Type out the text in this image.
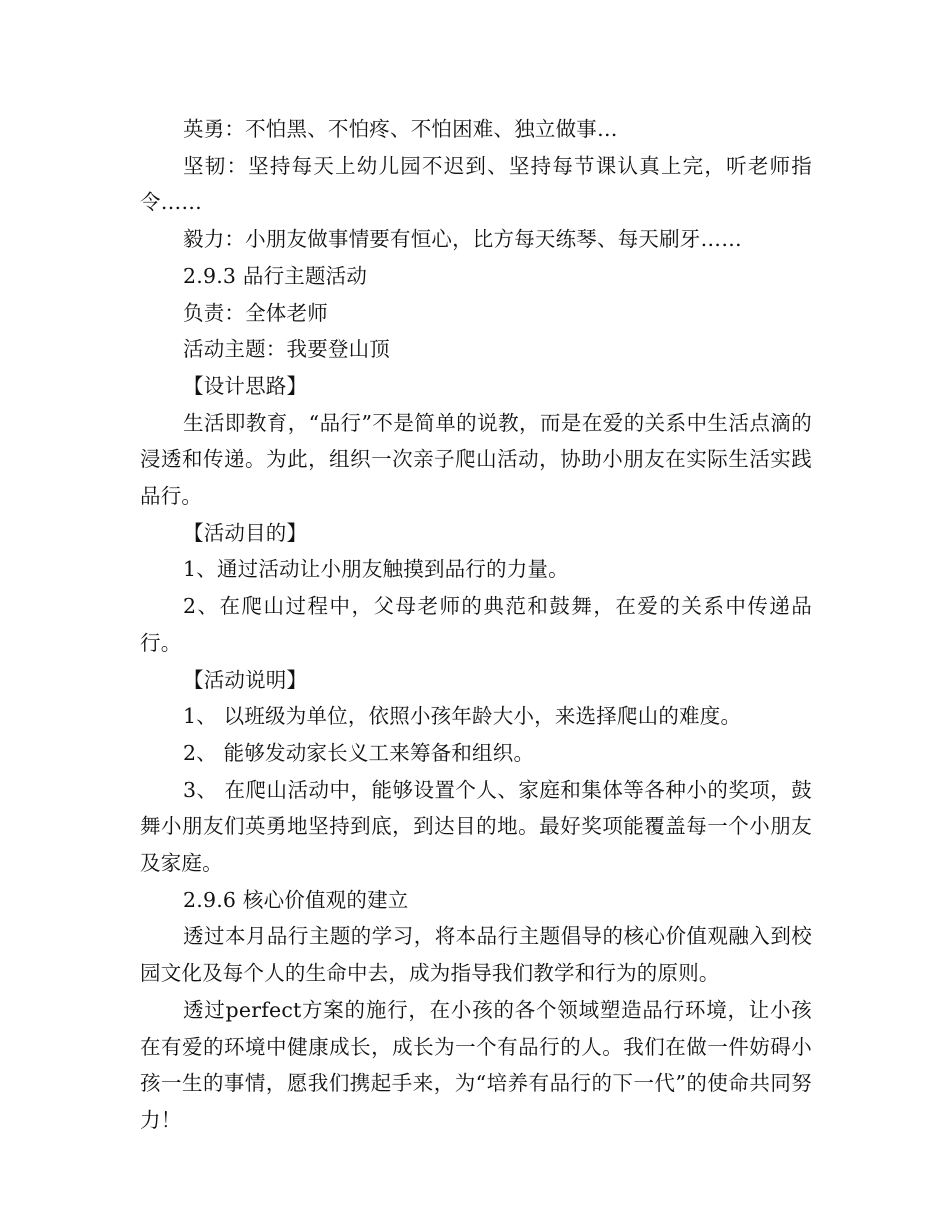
英勇：不怕黑、不怕疼、不怕困难、独立做事…

坚韧：坚持每天上幼儿园不迟到、坚持每节课认真上完，听老师指令……

毅力：小朋友做事情要有恒心，比方每天练琴、每天刷牙……

2.9.3 品行主题活动

负责：全体老师

活动主题：我要登山顶

【设计思路】

生活即教育，“品行”不是简单的说教，而是在爱的关系中生活点滴的浸透和传递。为此，组织一次亲子爬山活动，协助小朋友在实际生活实践品行。

【活动目的】

1、通过活动让小朋友触摸到品行的力量。

2、在爬山过程中，父母老师的典范和鼓舞，在爱的关系中传递品行。

【活动说明】

1、 以班级为单位，依照小孩年龄大小，来选择爬山的难度。

2、 能够发动家长义工来筹备和组织。

3、 在爬山活动中，能够设置个人、家庭和集体等各种小的奖项，鼓舞小朋友们英勇地坚持到底，到达目的地。最好奖项能覆盖每一个小朋友及家庭。

2.9.6 核心价值观的建立

透过本月品行主题的学习，将本品行主题倡导的核心价值观融入到校园文化及每个人的生命中去，成为指导我们教学和行为的原则。

透过perfect方案的施行，在小孩的各个领域塑造品行环境，让小孩在有爱的环境中健康成长，成长为一个有品行的人。我们在做一件妨碍小孩一生的事情，愿我们携起手来，为“培养有品行的下一代”的使命共同努力！
